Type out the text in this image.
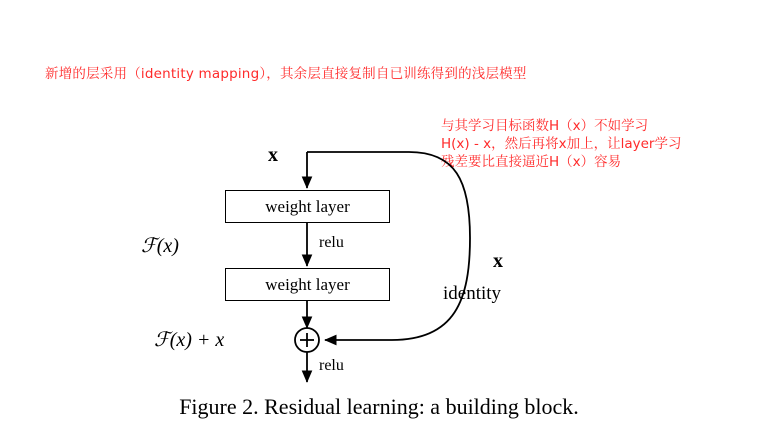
新增的层采用（identity mapping），其余层直接复制自已训练得到的浅层模型
与其学习目标函数H（x）不如学习
H(x) - x，然后再将x加上，让layer学习
残差要比直接逼近H（x）容易
weight layer
weight layer
x
relu
relu
ℱ(x)
ℱ(x) + x
x
identity
Figure 2. Residual learning: a building block.
